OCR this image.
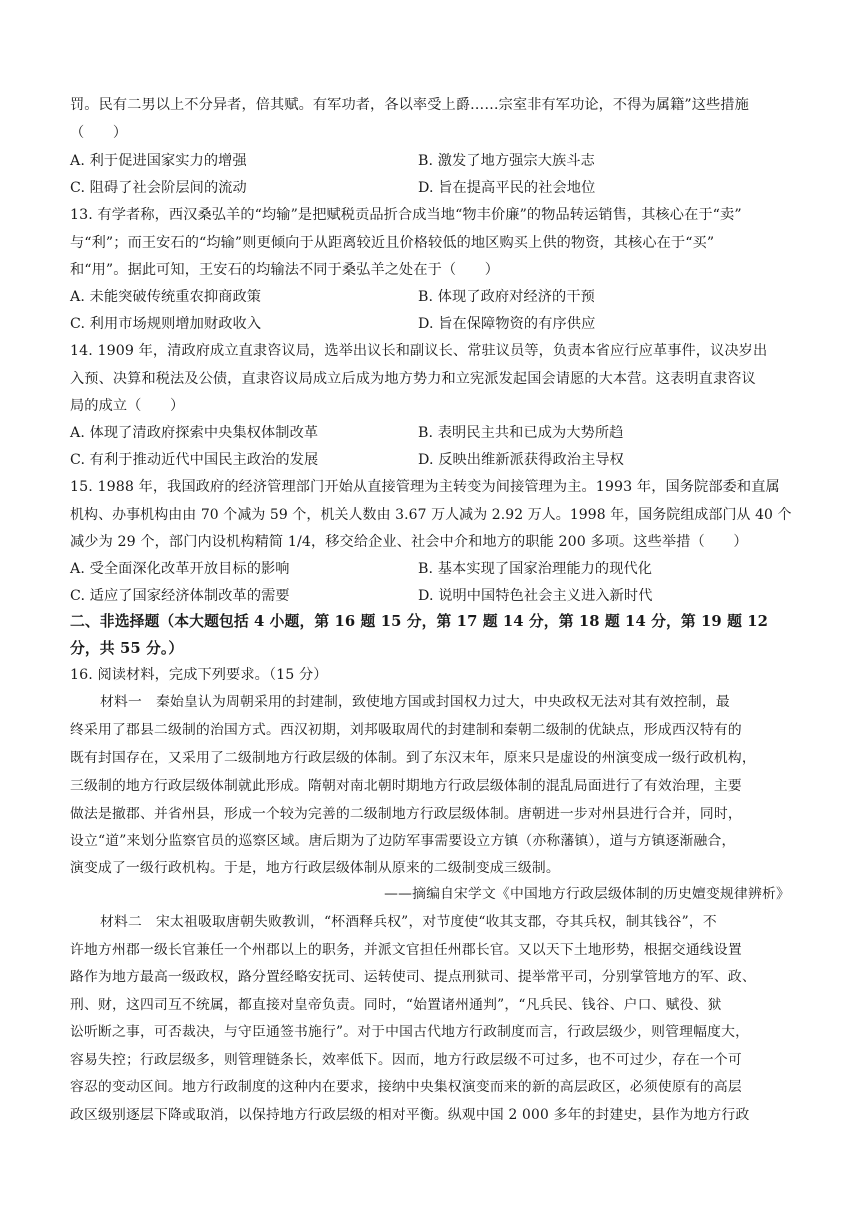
罚。民有二男以上不分异者，倍其赋。有军功者，各以率受上爵……宗室非有军功论，不得为属籍”这些措施
（　　）
A. 利于促进国家实力的增强	B. 激发了地方强宗大族斗志
C. 阻碍了社会阶层间的流动	D. 旨在提高平民的社会地位
13. 有学者称，西汉桑弘羊的“均输”是把赋税贡品折合成当地“物丰价廉”的物品转运销售，其核心在于“卖”
与“利”；而王安石的“均输”则更倾向于从距离较近且价格较低的地区购买上供的物资，其核心在于“买”
和“用”。据此可知，王安石的均输法不同于桑弘羊之处在于（　　）
A. 未能突破传统重农抑商政策	B. 体现了政府对经济的干预
C. 利用市场规则增加财政收入	D. 旨在保障物资的有序供应
14. 1909 年，清政府成立直隶咨议局，选举出议长和副议长、常驻议员等，负责本省应行应革事件，议决岁出
入预、决算和税法及公债，直隶咨议局成立后成为地方势力和立宪派发起国会请愿的大本营。这表明直隶咨议
局的成立（　　）
A. 体现了清政府探索中央集权体制改革	B. 表明民主共和已成为大势所趋
C. 有利于推动近代中国民主政治的发展	D. 反映出维新派获得政治主导权
15. 1988 年，我国政府的经济管理部门开始从直接管理为主转变为间接管理为主。1993 年，国务院部委和直属
机构、办事机构由由 70 个减为 59 个，机关人数由 3.67 万人减为 2.92 万人。1998 年，国务院组成部门从 40 个
减少为 29 个，部门内设机构精简 1/4，移交给企业、社会中介和地方的职能 200 多项。这些举措（　　）
A. 受全面深化改革开放目标的影响	B. 基本实现了国家治理能力的现代化
C. 适应了国家经济体制改革的需要	D. 说明中国特色社会主义进入新时代
二、非选择题（本大题包括 4 小题，第 16 题 15 分，第 17 题 14 分，第 18 题 14 分，第 19 题 12
分，共 55 分。）
16. 阅读材料，完成下列要求。（15 分）
材料一　秦始皇认为周朝采用的封建制，致使地方国或封国权力过大，中央政权无法对其有效控制，最
终采用了郡县二级制的治国方式。西汉初期，刘邦吸取周代的封建制和秦朝二级制的优缺点，形成西汉特有的
既有封国存在，又采用了二级制地方行政层级的体制。到了东汉末年，原来只是虚设的州演变成一级行政机构，
三级制的地方行政层级体制就此形成。隋朝对南北朝时期地方行政层级体制的混乱局面进行了有效治理，主要
做法是撤郡、并省州县，形成一个较为完善的二级制地方行政层级体制。唐朝进一步对州县进行合并，同时，
设立“道”来划分监察官员的巡察区域。唐后期为了边防军事需要设立方镇（亦称藩镇），道与方镇逐渐融合，
演变成了一级行政机构。于是，地方行政层级体制从原来的二级制变成三级制。
——摘编自宋学文《中国地方行政层级体制的历史嬗变规律辨析》
材料二　宋太祖吸取唐朝失败教训，“杯酒释兵权”，对节度使“收其支郡，夺其兵权，制其钱谷”，不
许地方州郡一级长官兼任一个州郡以上的职务，并派文官担任州郡长官。又以天下土地形势，根据交通线设置
路作为地方最高一级政权，路分置经略安抚司、运转使司、提点刑狱司、提举常平司，分别掌管地方的军、政、
刑、财，这四司互不统属，都直接对皇帝负责。同时，“始置诸州通判”，“凡兵民、钱谷、户口、赋役、狱
讼听断之事，可否裁决，与守臣通签书施行”。对于中国古代地方行政制度而言，行政层级少，则管理幅度大，
容易失控；行政层级多，则管理链条长，效率低下。因而，地方行政层级不可过多，也不可过少，存在一个可
容忍的变动区间。地方行政制度的这种内在要求，接纳中央集权演变而来的新的高层政区，必须使原有的高层
政区级别逐层下降或取消，以保持地方行政层级的相对平衡。纵观中国 2 000 多年的封建史，县作为地方行政
